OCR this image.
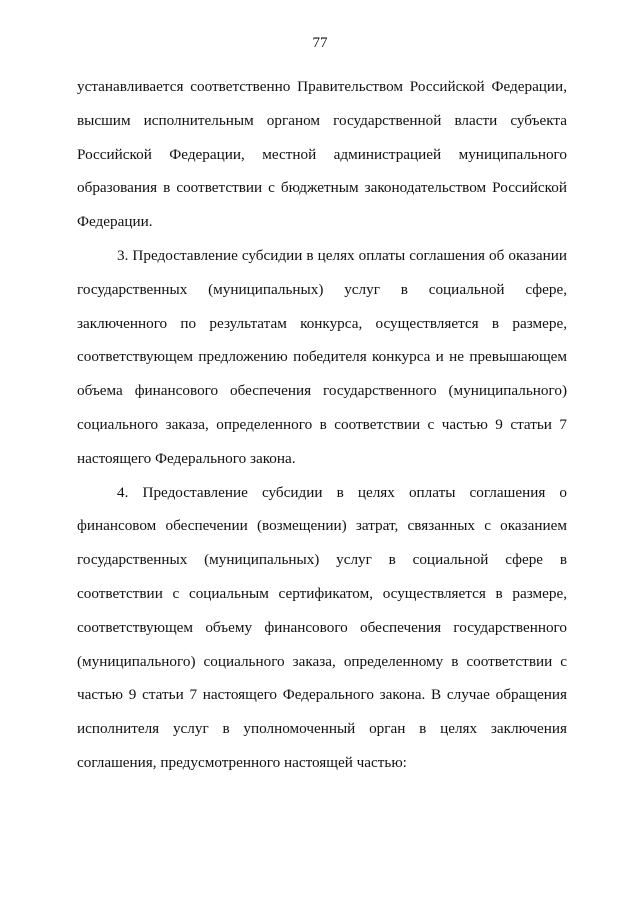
77
устанавливается соответственно Правительством Российской Федерации,
высшим исполнительным органом государственной власти субъекта
Российской Федерации, местной администрацией муниципального
образования в соответствии с бюджетным законодательством Российской
Федерации.
3. Предоставление субсидии в целях оплаты соглашения об оказании
государственных (муниципальных) услуг в социальной сфере,
заключенного по результатам конкурса, осуществляется в размере,
соответствующем предложению победителя конкурса и не превышающем
объема финансового обеспечения государственного (муниципального)
социального заказа, определенного в соответствии с частью 9 статьи 7
настоящего Федерального закона.
4. Предоставление субсидии в целях оплаты соглашения о
финансовом обеспечении (возмещении) затрат, связанных с оказанием
государственных (муниципальных) услуг в социальной сфере в
соответствии с социальным сертификатом, осуществляется в размере,
соответствующем объему финансового обеспечения государственного
(муниципального) социального заказа, определенному в соответствии с
частью 9 статьи 7 настоящего Федерального закона. В случае обращения
исполнителя услуг в уполномоченный орган в целях заключения
соглашения, предусмотренного настоящей частью:
